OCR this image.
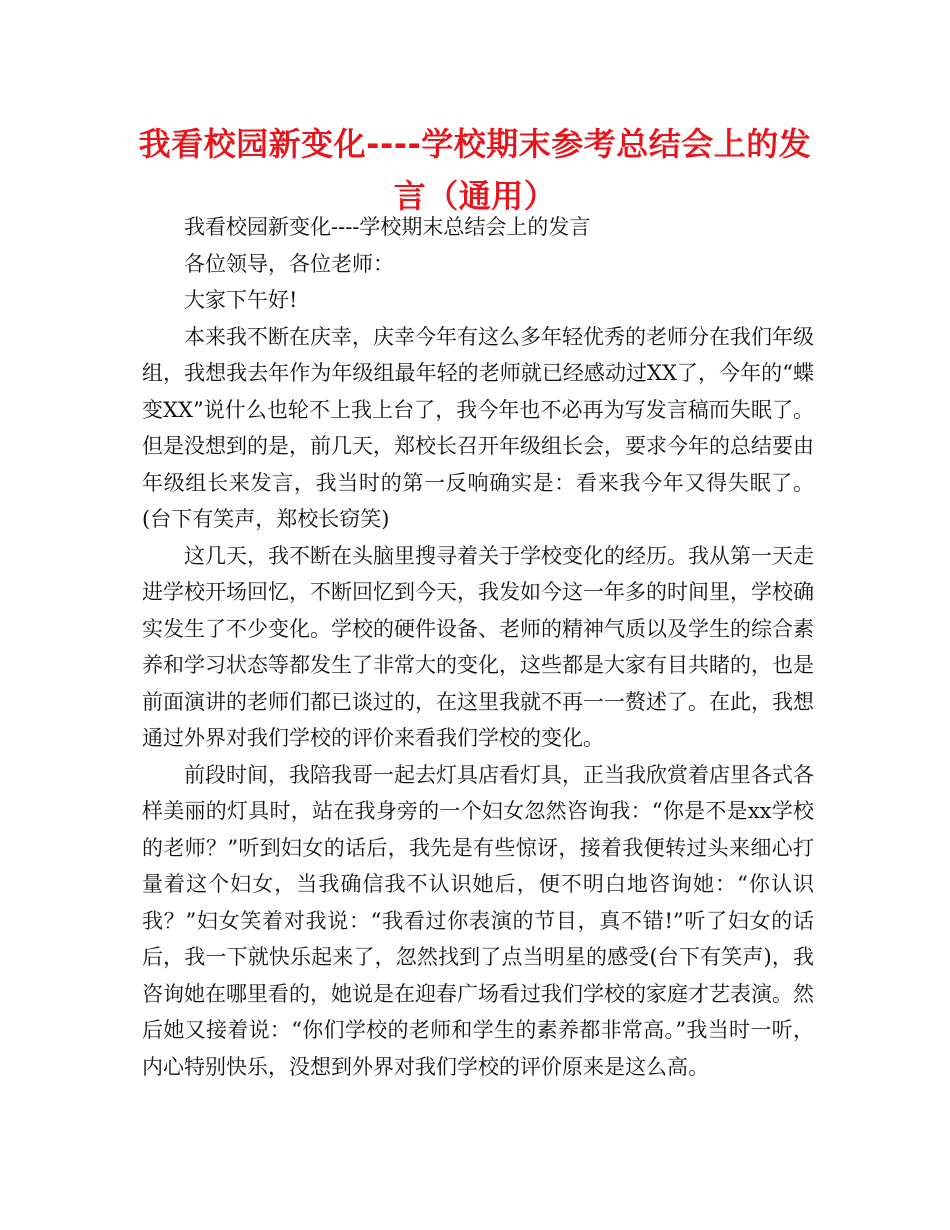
我看校园新变化----学校期末参考总结会上的发言（通用）

我看校园新变化----学校期末总结会上的发言

各位领导，各位老师：

大家下午好!

本来我不断在庆幸，庆幸今年有这么多年轻优秀的老师分在我们年级组，我想我去年作为年级组最年轻的老师就已经感动过XX了，今年的“蝶变XX”说什么也轮不上我上台了，我今年也不必再为写发言稿而失眠了。但是没想到的是，前几天，郑校长召开年级组长会，要求今年的总结要由年级组长来发言，我当时的第一反响确实是：看来我今年又得失眠了。(台下有笑声，郑校长窃笑)

这几天，我不断在头脑里搜寻着关于学校变化的经历。我从第一天走进学校开场回忆，不断回忆到今天，我发如今这一年多的时间里，学校确实发生了不少变化。学校的硬件设备、老师的精神气质以及学生的综合素养和学习状态等都发生了非常大的变化，这些都是大家有目共睹的，也是前面演讲的老师们都已谈过的，在这里我就不再一一赘述了。在此，我想通过外界对我们学校的评价来看我们学校的变化。

前段时间，我陪我哥一起去灯具店看灯具，正当我欣赏着店里各式各样美丽的灯具时，站在我身旁的一个妇女忽然咨询我：“你是不是xx学校的老师？”听到妇女的话后，我先是有些惊讶，接着我便转过头来细心打量着这个妇女，当我确信我不认识她后，便不明白地咨询她：“你认识我？”妇女笑着对我说：“我看过你表演的节目，真不错!”听了妇女的话后，我一下就快乐起来了，忽然找到了点当明星的感受(台下有笑声)，我咨询她在哪里看的，她说是在迎春广场看过我们学校的家庭才艺表演。然后她又接着说：“你们学校的老师和学生的素养都非常高。”我当时一听，内心特别快乐，没想到外界对我们学校的评价原来是这么高。
